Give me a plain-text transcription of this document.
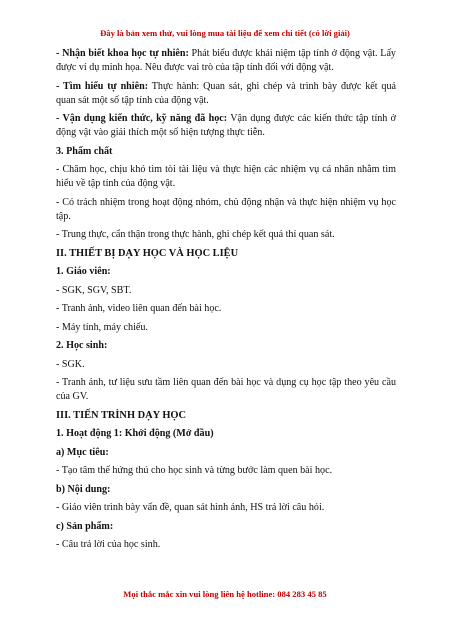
Đây là bản xem thử, vui lòng mua tài liệu để xem chi tiết (có lời giải)

- Nhận biết khoa học tự nhiên: Phát biểu được khái niệm tập tính ở động vật. Lấy được ví dụ minh họa. Nêu được vai trò của tập tính đối với động vật.

- Tìm hiểu tự nhiên: Thực hành: Quan sát, ghi chép và trình bày được kết quả quan sát một số tập tính của động vật.

- Vận dụng kiến thức, kỹ năng đã học: Vận dụng được các kiến thức tập tính ở động vật vào giải thích một số hiện tượng thực tiễn.

3. Phẩm chất

- Chăm học, chịu khó tìm tòi tài liệu và thực hiện các nhiệm vụ cá nhân nhằm tìm hiểu về tập tính của động vật.

- Có trách nhiệm trong hoạt động nhóm, chủ động nhận và thực hiện nhiệm vụ học tập.

- Trung thực, cẩn thận trong thực hành, ghi chép kết quả thí quan sát.

II. THIẾT BỊ DẠY HỌC VÀ HỌC LIỆU

1. Giáo viên:

- SGK, SGV, SBT.

- Tranh ảnh, video liên quan đến bài học.

- Máy tính, máy chiếu.

2. Học sinh:

- SGK.

- Tranh ảnh, tư liệu sưu tầm liên quan đến bài học và dụng cụ học tập theo yêu cầu của GV.

III. TIẾN TRÌNH DẠY HỌC

1. Hoạt động 1: Khởi động (Mở đầu)

a) Mục tiêu:

- Tạo tâm thế hứng thú cho học sinh và từng bước làm quen bài học.

b) Nội dung:

- Giáo viên trình bày vấn đề, quan sát hình ảnh, HS trả lời câu hỏi.

c) Sản phẩm:

- Câu trả lời của học sinh.

Mọi thắc mắc xin vui lòng liên hệ hotline: 084 283 45 85
